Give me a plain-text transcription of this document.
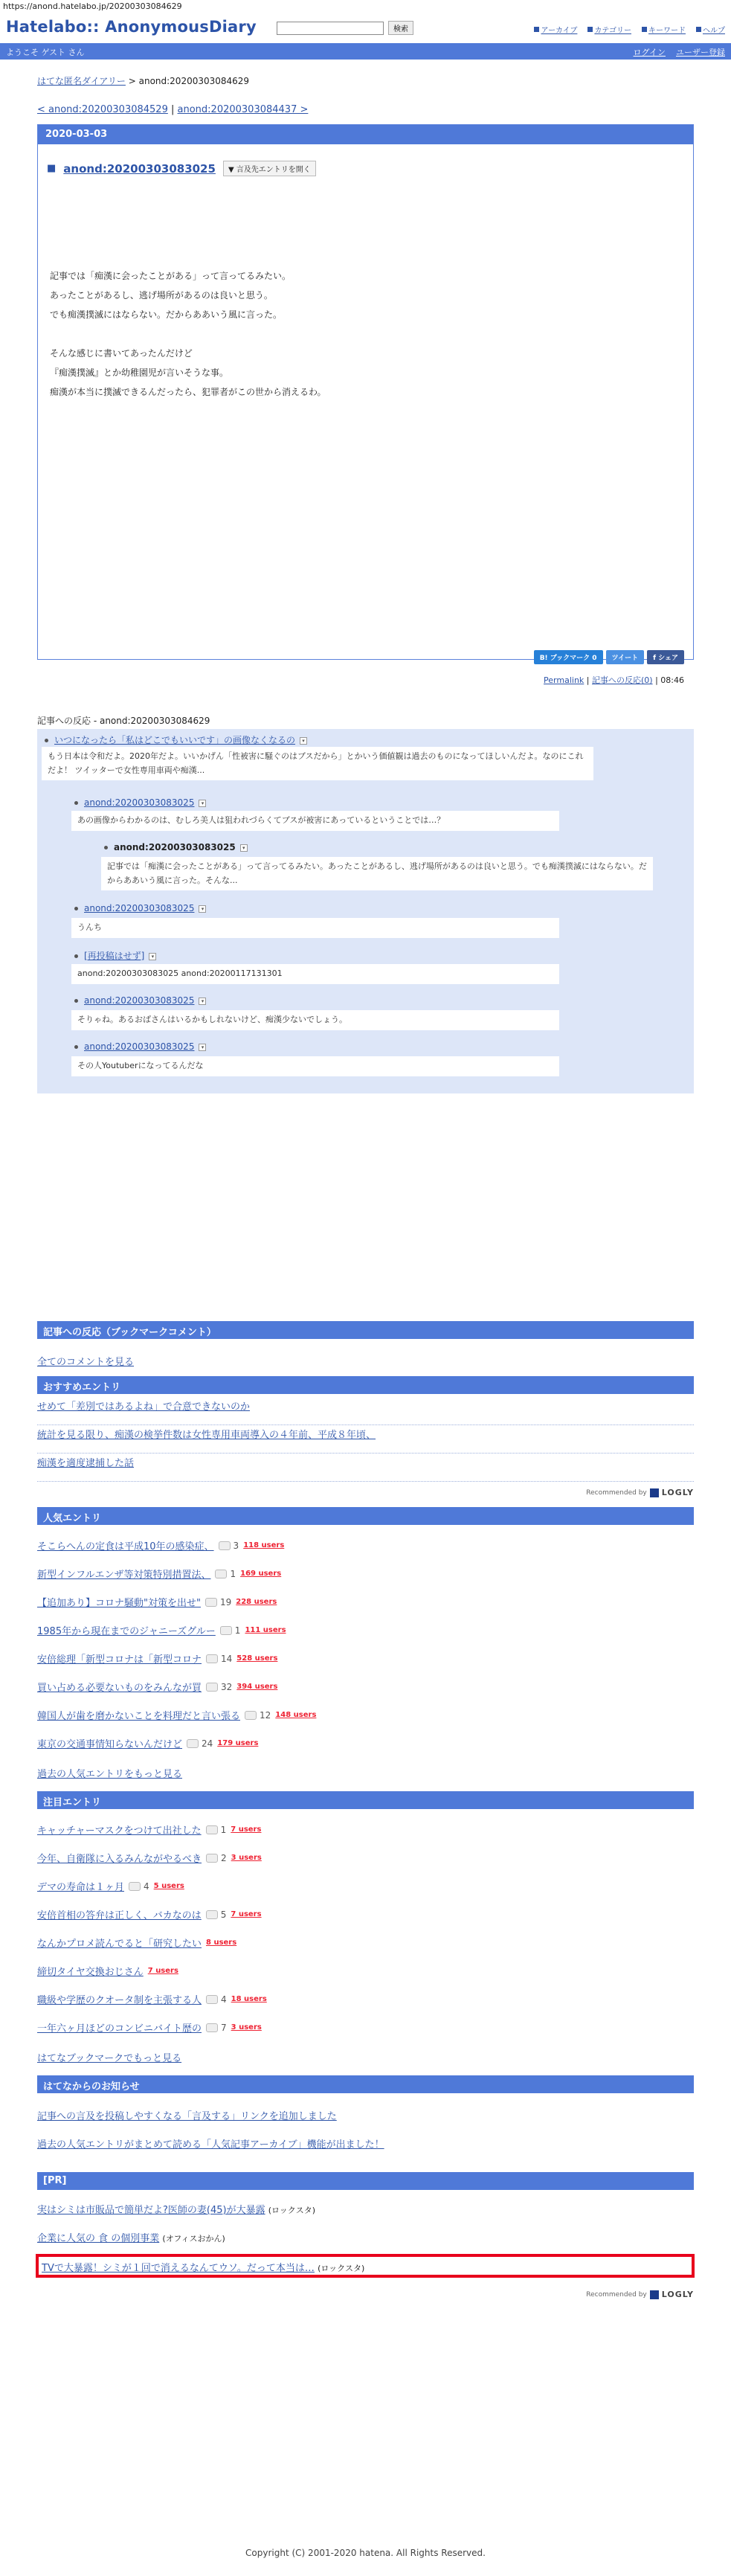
https://anond.hatelabo.jp/20200303084629
Hatelabo:: AnonymousDiary	検索	アーカイブ カテゴリー キーワード ヘルプ
ようこそ ゲスト さん	ログイン ユーザー登録
はてな匿名ダイアリー > anond:20200303084629
< anond:20200303084529 | anond:20200303084437 >
2020-03-03
■ anond:20200303083025	▼ 言及先エントリを開く

記事では「痴漢に会ったことがある」って言ってるみたい。

あったことがあるし、逃げ場所があるのは良いと思う。

でも痴漢撲滅にはならない。だからああいう風に言った。

そんな感じに書いてあったんだけど

『痴漢撲滅』とか幼稚園児が言いそうな事。

痴漢が本当に撲滅できるんだったら、犯罪者がこの世から消えるわ。

B! ブックマーク 0	ツイート	f シェア
Permalink | 記事への反応(0) | 08:46
記事への反応 - anond:20200303084629
いつになったら「私はどこでもいいです」の画像なくなるの ▾
もう日本は令和だよ。2020年だよ。いいかげん「性被害に騒ぐのはブスだから」とかいう価値観は過去のものになってほしいんだよ。なのにこれだよ！ ツイッターで女性専用車両や痴漢...
anond:20200303083025 ▾
あの画像からわかるのは、むしろ美人は狙われづらくてブスが被害にあっているということでは…？
anond:20200303083025 ▾
記事では「痴漢に会ったことがある」って言ってるみたい。あったことがあるし、逃げ場所があるのは良いと思う。でも痴漢撲滅にはならない。だからああいう風に言った。そんな...
anond:20200303083025 ▾
うんち
[再投稿はせず] ▾
anond:20200303083025 anond:20200117131301
anond:20200303083025 ▾
そりゃね。あるおばさんはいるかもしれないけど、痴漢少ないでしょう。
anond:20200303083025 ▾
その人Youtuberになってるんだな
記事への反応（ブックマークコメント）
全てのコメントを見る
おすすめエントリ
せめて「差別ではあるよね」で合意できないのか
統計を見る限り、痴漢の検挙件数は女性専用車両導入の４年前、平成８年頃、
痴漢を適度逮捕した話
Recommended by LOGLY
人気エントリ
そこらへんの定食は平成10年の感染症、	3 118 users
新型インフルエンザ等対策特別措置法、	1 169 users
【追加あり】コロナ騒動"対策を出せ"	19 228 users
1985年から現在までのジャニーズグルー	1 111 users
安倍総理「新型コロナは「新型コロナ	14 528 users
買い占める必要ないものをみんなが買	32 394 users
韓国人が歯を磨かないことを料理だと言い張る	12 148 users
東京の交通事情知らないんだけど	24 179 users
過去の人気エントリをもっと見る
注目エントリ
キャッチャーマスクをつけて出社した	1 7 users
今年、自衛隊に入るみんながやるべき	2 3 users
デマの寿命は１ヶ月	4 5 users
安倍首相の答弁は正しく、バカなのは	5 7 users
なんかプロメ読んでると「研究したい 8 users
締切タイヤ交換おじさん 7 users
職級や学歴のクオータ制を主張する人	4 18 users
一年六ヶ月ほどのコンビニバイト歴の	7 3 users
はてなブックマークでもっと見る
はてなからのお知らせ
記事への言及を投稿しやすくなる「言及する」リンクを追加しました
過去の人気エントリがまとめて読める「人気記事アーカイブ」機能が出ました！
[PR]
実はシミは市販品で簡単だよ?医師の妻(45)が大暴露 (ロックスタ)
企業に人気の 食 の個別事業 (オフィスおかん)
TVで大暴露！シミが１回で消えるなんてウソ。だって本当は… (ロックスタ)
Recommended by LOGLY
Copyright (C) 2001-2020 hatena. All Rights Reserved.
